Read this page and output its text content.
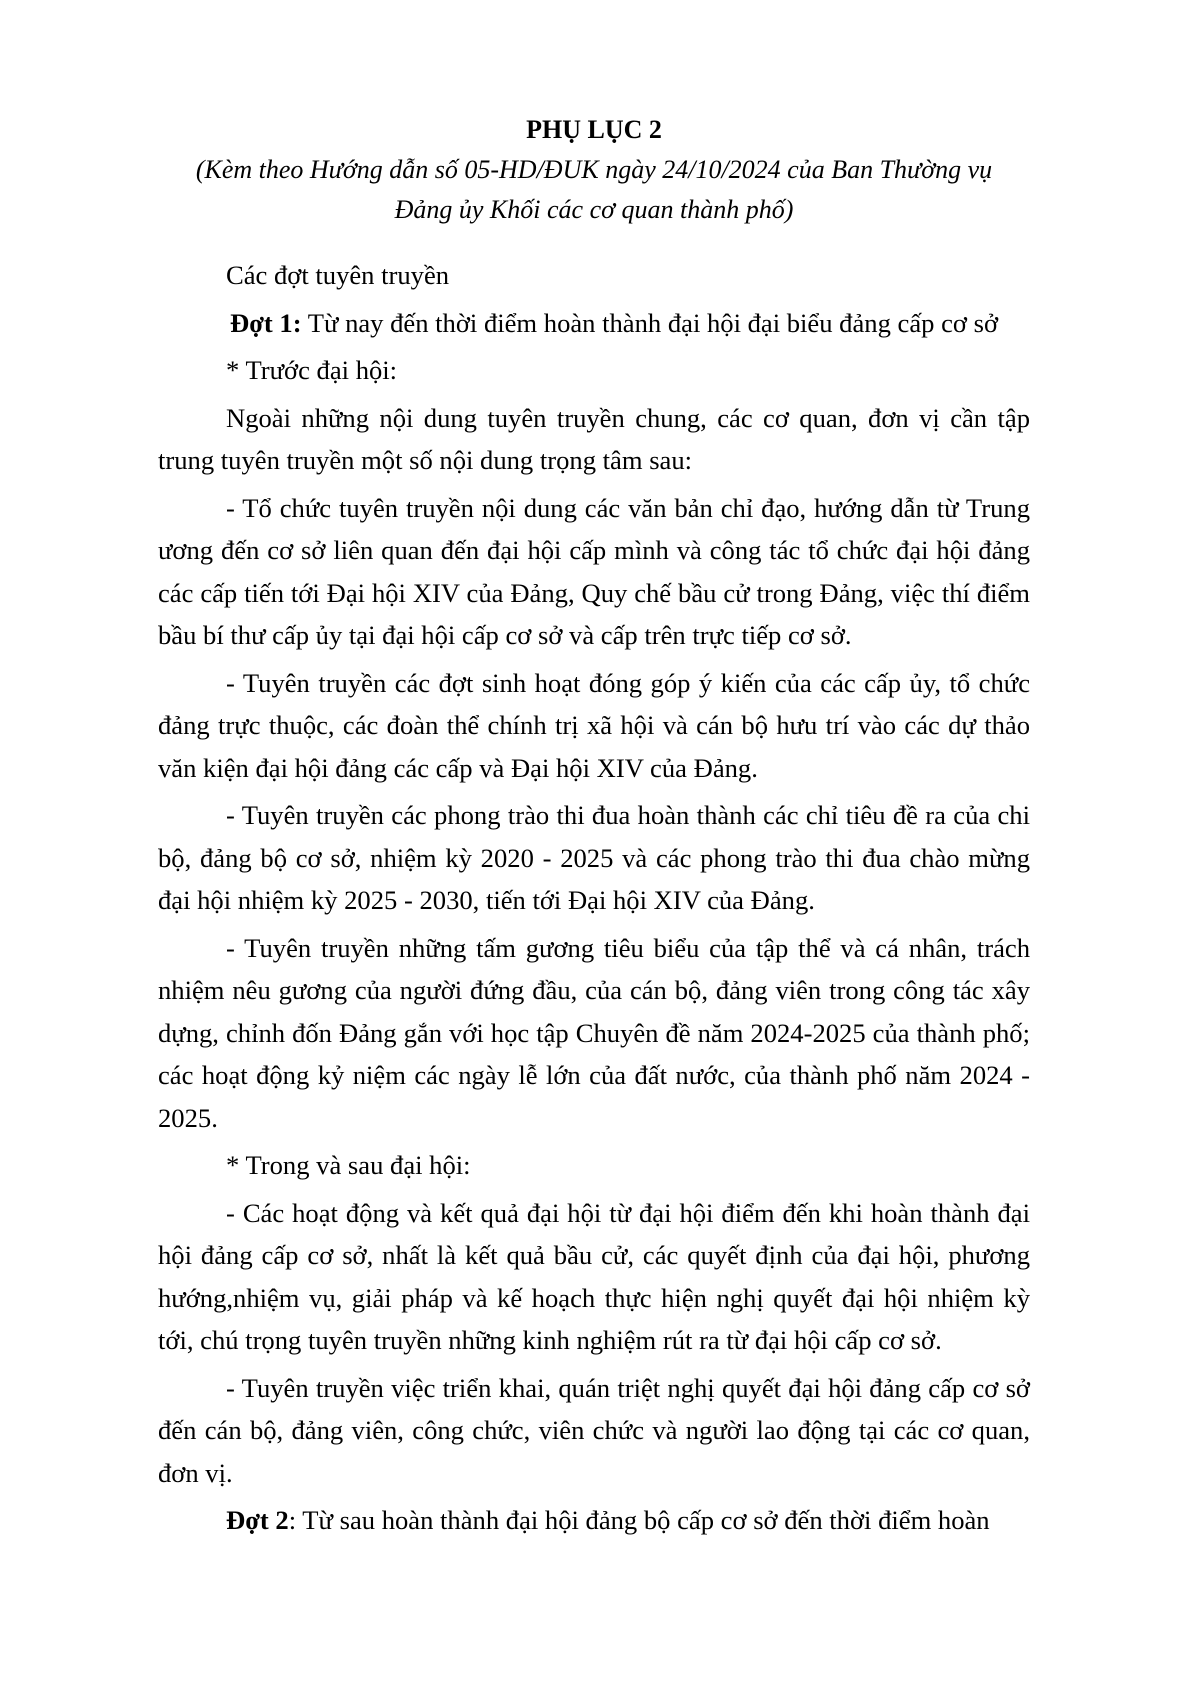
PHỤ LỤC 2
(Kèm theo Hướng dẫn số 05-HD/ĐUK ngày 24/10/2024 của Ban Thường vụ
Đảng ủy Khối các cơ quan thành phố)

Các đợt tuyên truyền

Đợt 1: Từ nay đến thời điểm hoàn thành đại hội đại biểu đảng cấp cơ sở

* Trước đại hội:

Ngoài những nội dung tuyên truyền chung, các cơ quan, đơn vị cần tập trung tuyên truyền một số nội dung trọng tâm sau:

- Tổ chức tuyên truyền nội dung các văn bản chỉ đạo, hướng dẫn từ Trung ương đến cơ sở liên quan đến đại hội cấp mình và công tác tổ chức đại hội đảng các cấp tiến tới Đại hội XIV của Đảng, Quy chế bầu cử trong Đảng, việc thí điểm bầu bí thư cấp ủy tại đại hội cấp cơ sở và cấp trên trực tiếp cơ sở.

- Tuyên truyền các đợt sinh hoạt đóng góp ý kiến của các cấp ủy, tổ chức đảng trực thuộc, các đoàn thể chính trị xã hội và cán bộ hưu trí vào các dự thảo văn kiện đại hội đảng các cấp và Đại hội XIV của Đảng.

- Tuyên truyền các phong trào thi đua hoàn thành các chỉ tiêu đề ra của chi bộ, đảng bộ cơ sở, nhiệm kỳ 2020 - 2025 và các phong trào thi đua chào mừng đại hội nhiệm kỳ 2025 - 2030, tiến tới Đại hội XIV của Đảng.

- Tuyên truyền những tấm gương tiêu biểu của tập thể và cá nhân, trách nhiệm nêu gương của người đứng đầu, của cán bộ, đảng viên trong công tác xây dựng, chỉnh đốn Đảng gắn với học tập Chuyên đề năm 2024-2025 của thành phố; các hoạt động kỷ niệm các ngày lễ lớn của đất nước, của thành phố năm 2024 - 2025.

* Trong và sau đại hội:

- Các hoạt động và kết quả đại hội từ đại hội điểm đến khi hoàn thành đại hội đảng cấp cơ sở, nhất là kết quả bầu cử, các quyết định của đại hội, phương hướng,nhiệm vụ, giải pháp và kế hoạch thực hiện nghị quyết đại hội nhiệm kỳ tới, chú trọng tuyên truyền những kinh nghiệm rút ra từ đại hội cấp cơ sở.

- Tuyên truyền việc triển khai, quán triệt nghị quyết đại hội đảng cấp cơ sở đến cán bộ, đảng viên, công chức, viên chức và người lao động tại các cơ quan, đơn vị.

Đợt 2: Từ sau hoàn thành đại hội đảng bộ cấp cơ sở đến thời điểm hoàn
